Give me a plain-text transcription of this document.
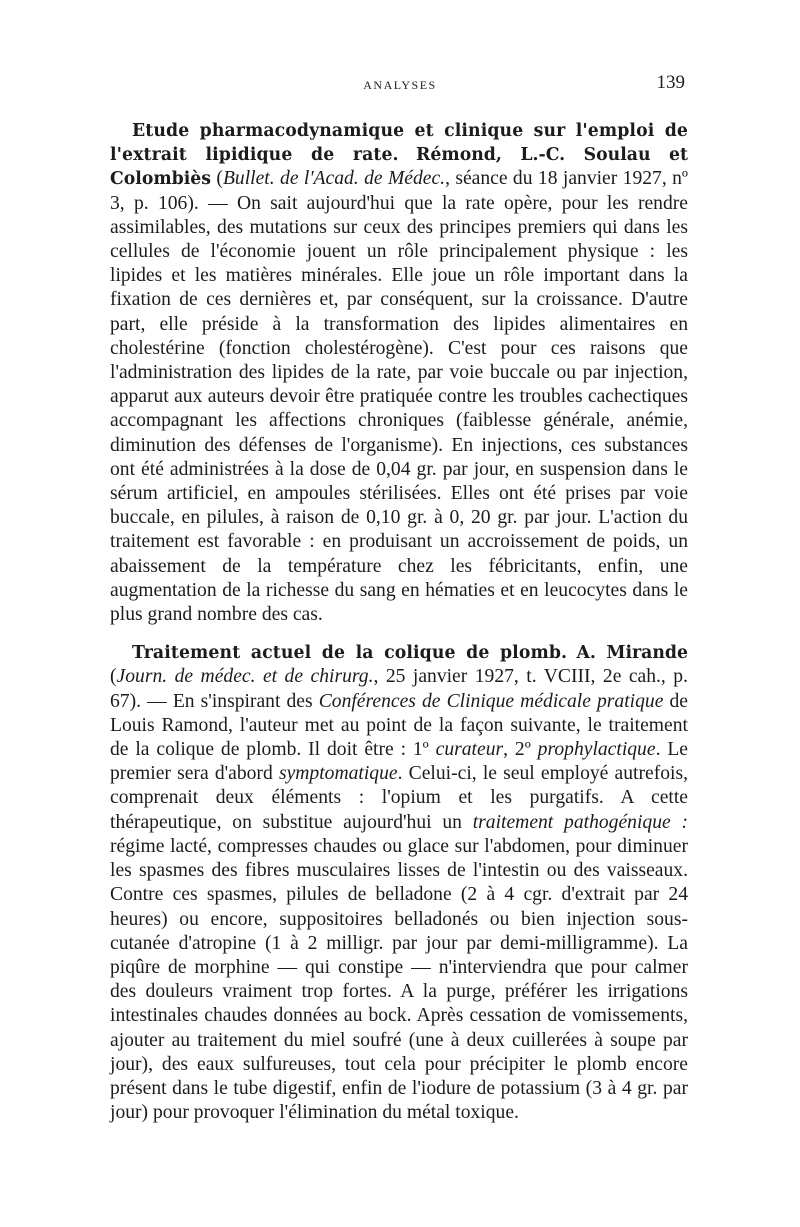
ANALYSES	139

Etude pharmacodynamique et clinique sur l'emploi de l'extrait lipidique de rate. Rémond, L.-C. Soulau et Colombiès (Bullet. de l'Acad. de Médec., séance du 18 janvier 1927, nº 3, p. 106). — On sait aujourd'hui que la rate opère, pour les rendre assimilables, des mutations sur ceux des principes premiers qui dans les cellules de l'économie jouent un rôle principalement physique : les lipides et les matières minérales. Elle joue un rôle important dans la fixation de ces dernières et, par conséquent, sur la croissance. D'autre part, elle préside à la transformation des lipides alimentaires en cholestérine (fonction cholestérogène). C'est pour ces raisons que l'administration des lipides de la rate, par voie buccale ou par injection, apparut aux auteurs devoir être pratiquée contre les troubles cachectiques accompagnant les affections chroniques (faiblesse générale, anémie, diminution des défenses de l'organisme). En injections, ces substances ont été administrées à la dose de 0,04 gr. par jour, en suspension dans le sérum artificiel, en ampoules stérilisées. Elles ont été prises par voie buccale, en pilules, à raison de 0,10 gr. à 0, 20 gr. par jour. L'action du traitement est favorable : en produisant un accroissement de poids, un abaissement de la température chez les fébricitants, enfin, une augmentation de la richesse du sang en hématies et en leucocytes dans le plus grand nombre des cas.

Traitement actuel de la colique de plomb. A. Mirande (Journ. de médec. et de chirurg., 25 janvier 1927, t. VCIII, 2e cah., p. 67). — En s'inspirant des Conférences de Clinique médicale pratique de Louis Ramond, l'auteur met au point de la façon suivante, le traitement de la colique de plomb. Il doit être : 1º curateur, 2º prophylactique. Le premier sera d'abord symptomatique. Celui-ci, le seul employé autrefois, comprenait deux éléments : l'opium et les purgatifs. A cette thérapeutique, on substitue aujourd'hui un traitement pathogénique : régime lacté, compresses chaudes ou glace sur l'abdomen, pour diminuer les spasmes des fibres musculaires lisses de l'intestin ou des vaisseaux. Contre ces spasmes, pilules de belladone (2 à 4 cgr. d'extrait par 24 heures) ou encore, suppositoires belladonés ou bien injection sous-cutanée d'atropine (1 à 2 milligr. par jour par demi-milligramme). La piqûre de morphine — qui constipe — n'interviendra que pour calmer des douleurs vraiment trop fortes. A la purge, préférer les irrigations intestinales chaudes données au bock. Après cessation de vomissements, ajouter au traitement du miel soufré (une à deux cuillerées à soupe par jour), des eaux sulfureuses, tout cela pour précipiter le plomb encore présent dans le tube digestif, enfin de l'iodure de potassium (3 à 4 gr. par jour) pour provoquer l'élimination du métal toxique.
